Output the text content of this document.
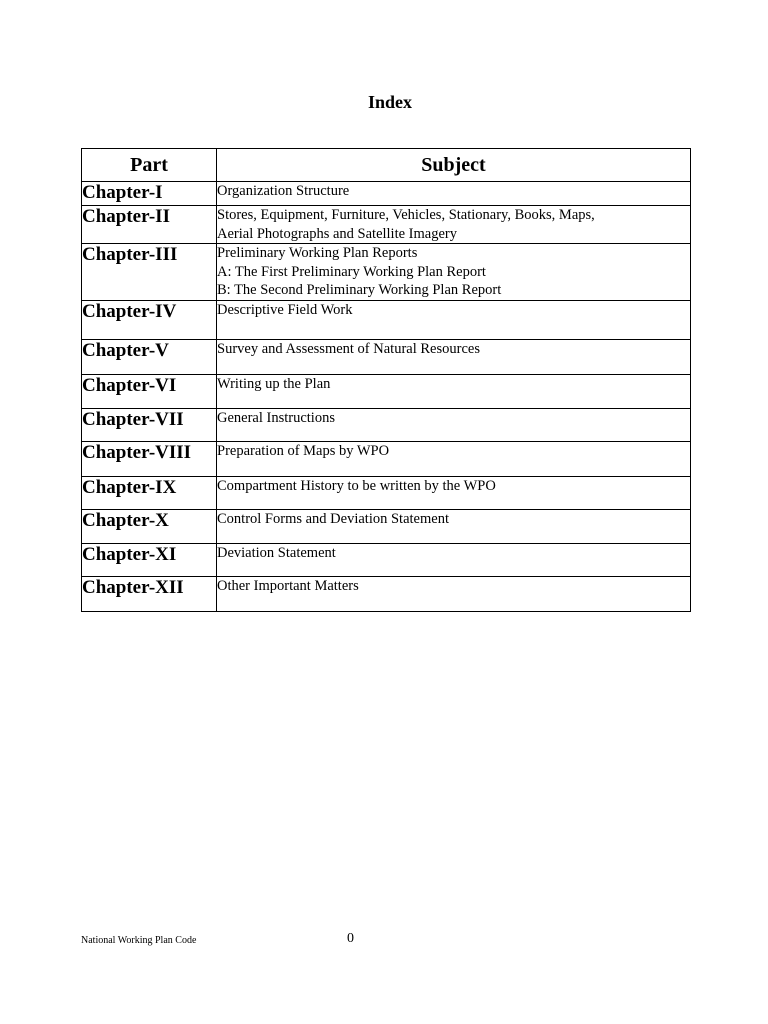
Index
Part	Subject
Chapter-I	Organization Structure

Chapter-II	Stores, Equipment, Furniture, Vehicles, Stationary, Books, Maps,
Aerial Photographs and Satellite Imagery

Chapter-III	Preliminary Working Plan Reports
A: The First Preliminary Working Plan Report
B: The Second Preliminary Working Plan Report

Chapter-IV	Descriptive Field Work

Chapter-V	Survey and Assessment of Natural Resources

Chapter-VI	Writing up the Plan

Chapter-VII	General Instructions

Chapter-VIII	Preparation of Maps by WPO

Chapter-IX	Compartment History to be written by the WPO

Chapter-X	Control Forms and Deviation Statement

Chapter-XI	Deviation Statement

Chapter-XII	Other Important Matters
National Working Plan Code	0
